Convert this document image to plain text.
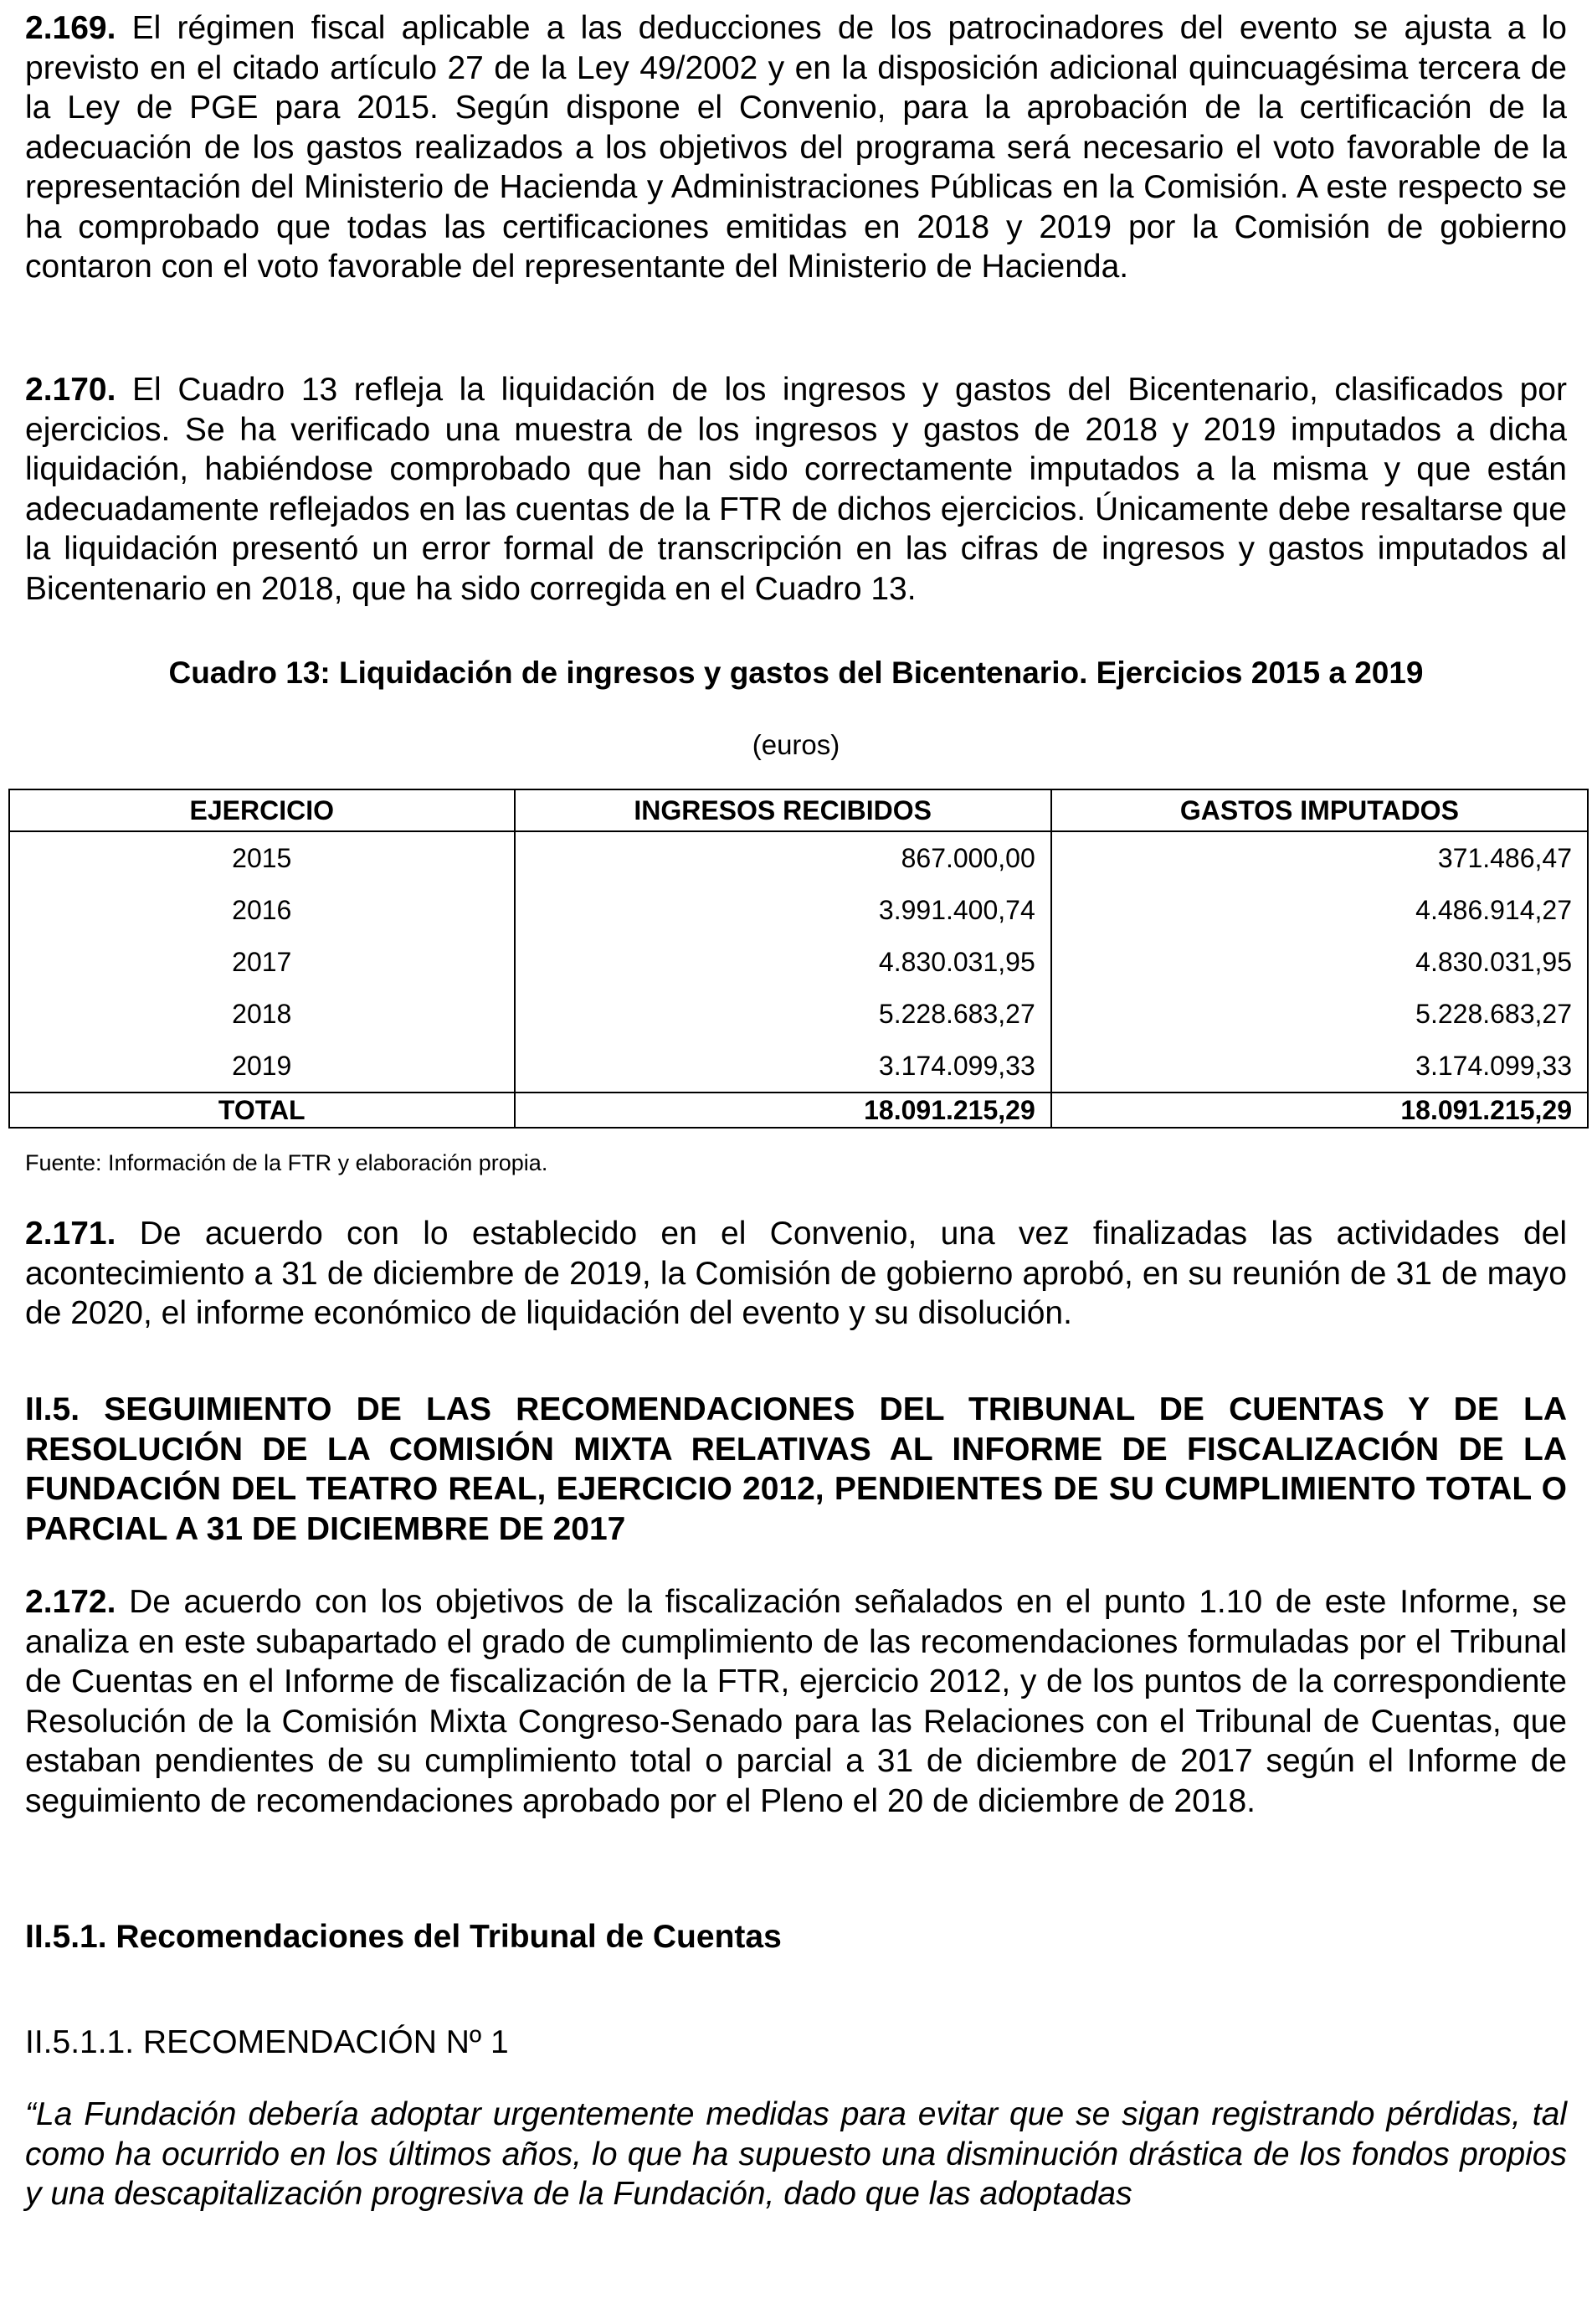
2.169. El régimen fiscal aplicable a las deducciones de los patrocinadores del evento se ajusta a lo previsto en el citado artículo 27 de la Ley 49/2002 y en la disposición adicional quincuagésima tercera de la Ley de PGE para 2015. Según dispone el Convenio, para la aprobación de la certificación de la adecuación de los gastos realizados a los objetivos del programa será necesario el voto favorable de la representación del Ministerio de Hacienda y Administraciones Públicas en la Comisión. A este respecto se ha comprobado que todas las certificaciones emitidas en 2018 y 2019 por la Comisión de gobierno contaron con el voto favorable del representante del Ministerio de Hacienda.

2.170. El Cuadro 13 refleja la liquidación de los ingresos y gastos del Bicentenario, clasificados por ejercicios. Se ha verificado una muestra de los ingresos y gastos de 2018 y 2019 imputados a dicha liquidación, habiéndose comprobado que han sido correctamente imputados a la misma y que están adecuadamente reflejados en las cuentas de la FTR de dichos ejercicios. Únicamente debe resaltarse que la liquidación presentó un error formal de transcripción en las cifras de ingresos y gastos imputados al Bicentenario en 2018, que ha sido corregida en el Cuadro 13.

Cuadro 13: Liquidación de ingresos y gastos del Bicentenario. Ejercicios 2015 a 2019

(euros)

EJERCICIO	INGRESOS RECIBIDOS	GASTOS IMPUTADOS
2015	867.000,00	371.486,47
2016	3.991.400,74	4.486.914,27
2017	4.830.031,95	4.830.031,95
2018	5.228.683,27	5.228.683,27
2019	3.174.099,33	3.174.099,33
TOTAL	18.091.215,29	18.091.215,29

Fuente: Información de la FTR y elaboración propia.

2.171. De acuerdo con lo establecido en el Convenio, una vez finalizadas las actividades del acontecimiento a 31 de diciembre de 2019, la Comisión de gobierno aprobó, en su reunión de 31 de mayo de 2020, el informe económico de liquidación del evento y su disolución.

II.5. SEGUIMIENTO DE LAS RECOMENDACIONES DEL TRIBUNAL DE CUENTAS Y DE LA RESOLUCIÓN DE LA COMISIÓN MIXTA RELATIVAS AL INFORME DE FISCALIZACIÓN DE LA FUNDACIÓN DEL TEATRO REAL, EJERCICIO 2012, PENDIENTES DE SU CUMPLIMIENTO TOTAL O PARCIAL A 31 DE DICIEMBRE DE 2017

2.172. De acuerdo con los objetivos de la fiscalización señalados en el punto 1.10 de este Informe, se analiza en este subapartado el grado de cumplimiento de las recomendaciones formuladas por el Tribunal de Cuentas en el Informe de fiscalización de la FTR, ejercicio 2012, y de los puntos de la correspondiente Resolución de la Comisión Mixta Congreso-Senado para las Relaciones con el Tribunal de Cuentas, que estaban pendientes de su cumplimiento total o parcial a 31 de diciembre de 2017 según el Informe de seguimiento de recomendaciones aprobado por el Pleno el 20 de diciembre de 2018.

II.5.1. Recomendaciones del Tribunal de Cuentas

II.5.1.1. RECOMENDACIÓN Nº 1

“La Fundación debería adoptar urgentemente medidas para evitar que se sigan registrando pérdidas, tal como ha ocurrido en los últimos años, lo que ha supuesto una disminución drástica de los fondos propios y una descapitalización progresiva de la Fundación, dado que las adoptadas
